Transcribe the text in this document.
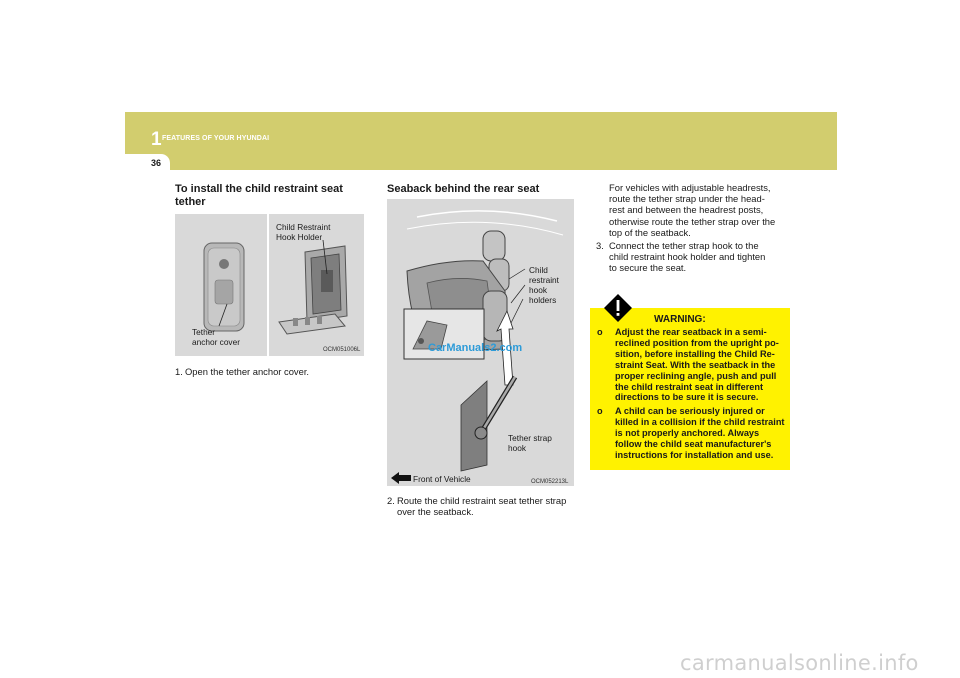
1 FEATURES OF YOUR HYUNDAI
36
To install the child restraint seat
tether
Child Restraint
Hook Holder
Tether
anchor cover
OCM051006L
1. Open the tether anchor cover.
Seaback behind the rear seat
Child
restraint
hook
holders
Tether strap
hook
Front of Vehicle	OCM052213L
CarManuals2.com
2. Route the child restraint seat tether strap
over the seatback.
For vehicles with adjustable headrests,
route the tether strap under the head-
rest and between the headrest posts,
otherwise route the tether strap over the
top of the seatback.
3. Connect the tether strap hook to the
child restraint hook holder and tighten
to secure the seat.
WARNING:
o Adjust the rear seatback in a semi-
reclined position from the upright po-
sition, before installing the Child Re-
straint Seat. With the seatback in the
proper reclining angle, push and pull
the child restraint seat in different
directions to be sure it is secure.
o A child can be seriously injured or
killed in a collision if the child restraint
is not properly anchored. Always
follow the child seat manufacturer's
instructions for installation and use.
carmanualsonline.info
